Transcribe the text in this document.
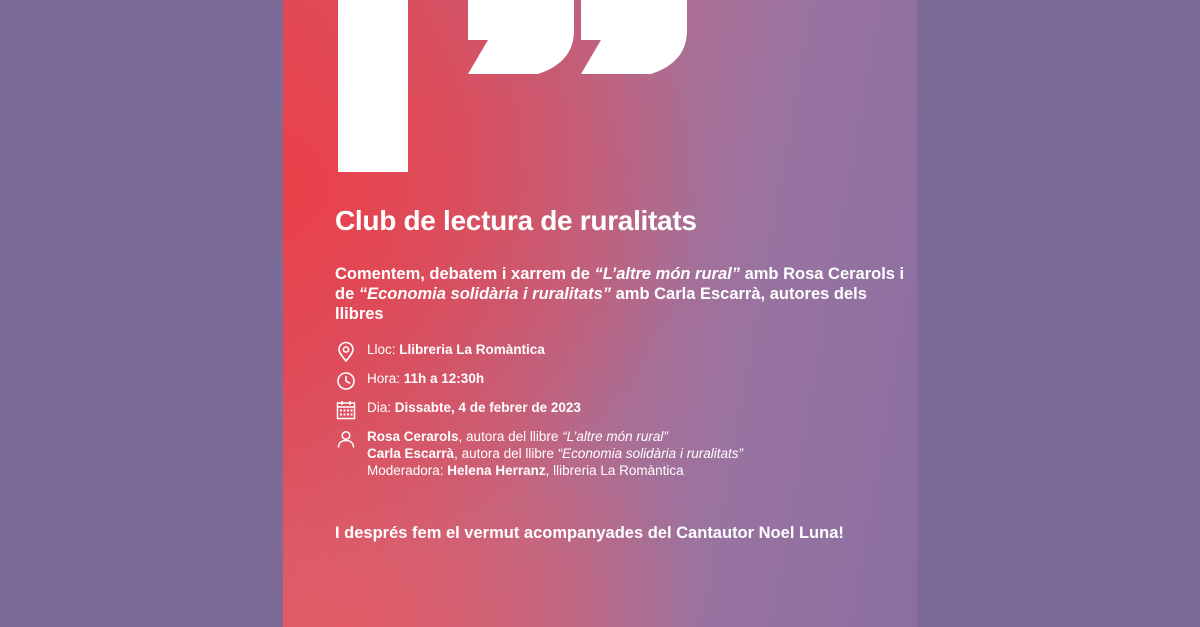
Club de lectura de ruralitats
Comentem, debatem i xarrem de “L’altre món rural” amb Rosa Cerarols i de “Economia solidària i ruralitats” amb Carla Escarrà, autores dels llibres
Lloc: Llibreria La Romàntica
Hora: 11h a 12:30h
Dia: Dissabte, 4 de febrer de 2023
Rosa Cerarols, autora del llibre “L’altre món rural”
Carla Escarrà, autora del llibre “Economia solidària i ruralitats”
Moderadora: Helena Herranz, llibreria La Romàntica
I després fem el vermut acompanyades del Cantautor Noel Luna!
